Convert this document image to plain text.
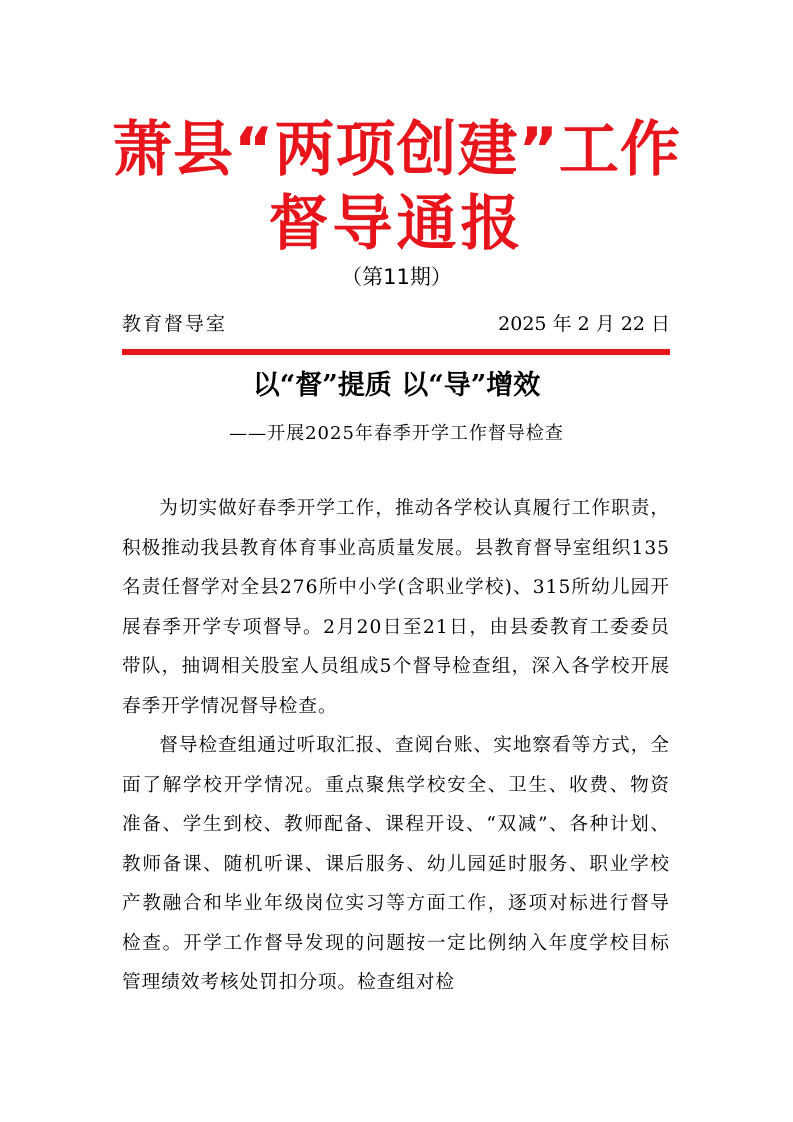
萧县“两项创建”工作
督导通报
（第11期）
教育督导室	2025 年 2 月 22 日
以“督”提质 以“导”增效
——开展2025年春季开学工作督导检查

为切实做好春季开学工作，推动各学校认真履行工作职责，积极推动我县教育体育事业高质量发展。县教育督导室组织135名责任督学对全县276所中小学(含职业学校)、315所幼儿园开展春季开学专项督导。2月20日至21日，由县委教育工委委员带队，抽调相关股室人员组成5个督导检查组，深入各学校开展春季开学情况督导检查。

督导检查组通过听取汇报、查阅台账、实地察看等方式，全面了解学校开学情况。重点聚焦学校安全、卫生、收费、物资准备、学生到校、教师配备、课程开设、“双减”、各种计划、教师备课、随机听课、课后服务、幼儿园延时服务、职业学校产教融合和毕业年级岗位实习等方面工作，逐项对标进行督导检查。开学工作督导发现的问题按一定比例纳入年度学校目标管理绩效考核处罚扣分项。检查组对检
